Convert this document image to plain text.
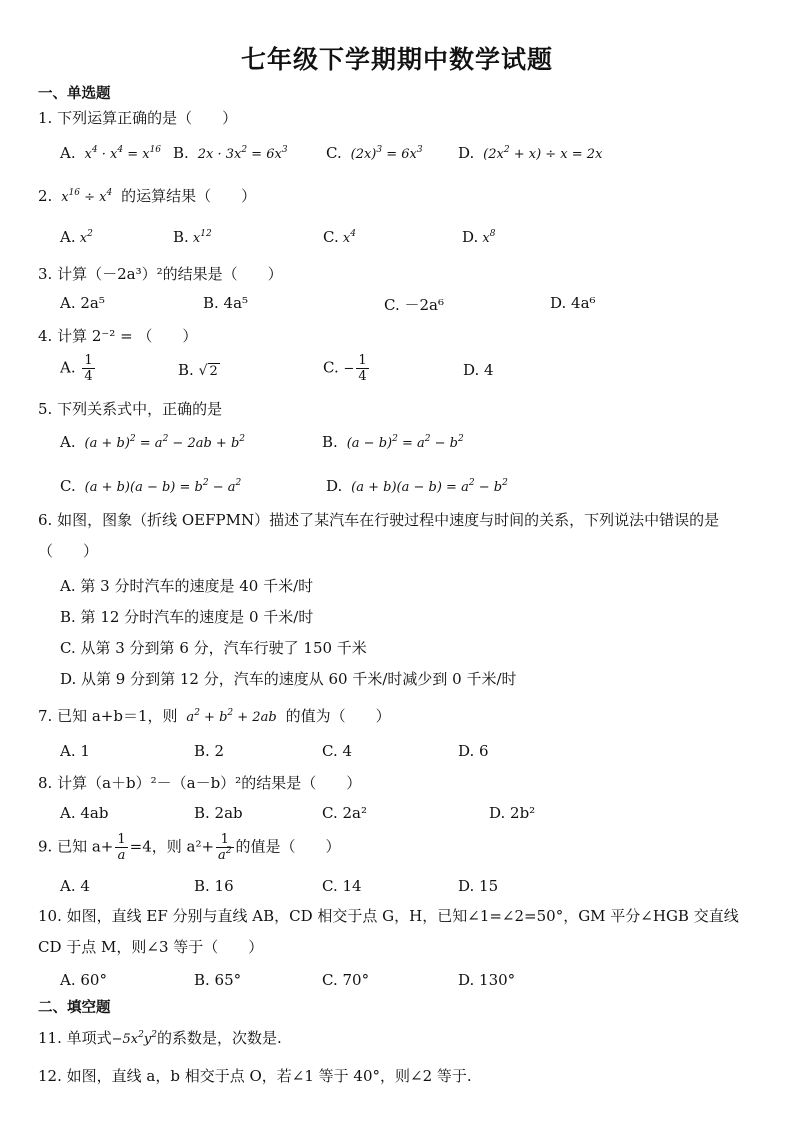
七年级下学期期中数学试题
一、单选题
1. 下列运算正确的是（　　）
A.  $x^4 \cdot x^4 = x^{16}$ B.  $2x \cdot 3x^2 = 6x^3$	C.  $(2x)^3 = 6x^3$ D.  $(2x^2 + x) \div x = 2x$
2.  $x^{16} \div x^4$ 的运算结果（　　）
A. $x^2$	B. $x^{12}$	C. $x^4$	D. $x^8$
3. 计算（－2a³）²的结果是（　　）
A. 2a⁵	B. 4a⁵	C. －2a⁶	D. 4a⁶
4. 计算 2⁻² = （　　）
A. $\frac{1}{4}$	B. √ 2	C. − $\frac{1}{4}$	D. 4
5. 下列关系式中，正确的是
A.  $(a + b)^2 = a^2 - 2ab + b^2$	B.  $(a - b)^2 = a^2 - b^2$
C.  $(a + b)(a - b) = b^2 - a^2$	D.  $(a + b)(a - b) = a^2 - b^2$
6. 如图，图象（折线 OEFPMN）描述了某汽车在行驶过程中速度与时间的关系，下列说法中错误的是（　　）
A. 第 3 分时汽车的速度是 40 千米/时
B. 第 12 分时汽车的速度是 0 千米/时
C. 从第 3 分到第 6 分，汽车行驶了 150 千米
D. 从第 9 分到第 12 分，汽车的速度从 60 千米/时减少到 0 千米/时
7. 已知 a+b＝1，则  $a^2 + b^2 + 2ab$  的值为（　　）
A. 1	B. 2	C. 4	D. 6
8. 计算（a＋b）²－（a－b）²的结果是（　　）
A. 4ab	B. 2ab	C. 2a²	D. 2b²
9. 已知 $a+ \frac{1}{a} =4$，则 $a^2+ \frac{1}{a^2}$ 的值是（　　）
A. 4	B. 16	C. 14	D. 15
10. 如图，直线 EF 分别与直线 AB，CD 相交于点 G，H，已知∠1=∠2=50°，GM 平分∠HGB 交直线 CD 于点 M，则∠3 等于（　　）
A. 60°	B. 65°	C. 70°	D. 130°
二、填空题
11. 单项式$-5x^2y^2$的系数是，次数是.
12. 如图，直线 a，b 相交于点 O，若∠1 等于 40°，则∠2 等于.
